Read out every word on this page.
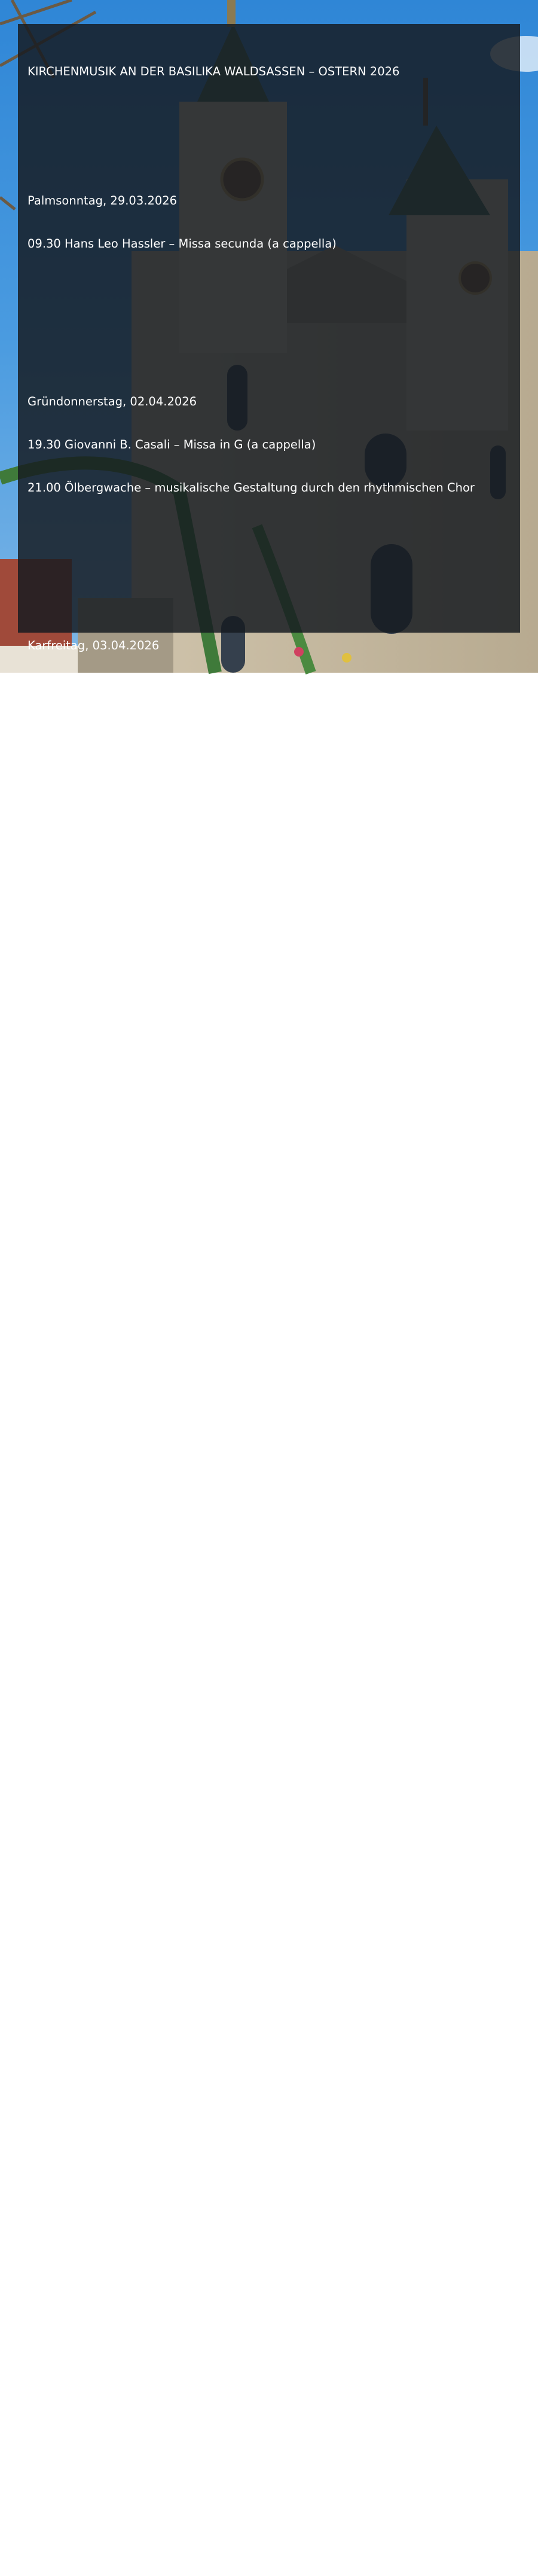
KIRCHENMUSIK AN DER BASILIKA WALDSASSEN – OSTERN 2026

Palmsonntag, 29.03.2026

09.30 Hans Leo Hassler – Missa secunda (a cappella)

Gründonnerstag, 02.04.2026

19.30 Giovanni B. Casali – Missa in G (a cappella)

21.00 Ölbergwache – musikalische Gestaltung durch den rhythmischen Chor

Karfreitag, 03.04.2026

15.00 Liturgiegesänge

20.00 Grabmusik

Osternacht, 04.04.2026

21.00 Christopher Tambling – Messe in G (Chor, Orgel, Bläser)

Ostersonntag, 05.04.2026

09.30 W. A. Mozart – Trinitatismesse KV 167 (Chor, Orchester, Orgel)

17.00 Ostervesper

Ostermontag, 06.04.2026

09.30 Charles Gounod – Messe breve in C (Chor, Orgel)

Weißer Sonntag, 12.04.2026

09.30 Gemeindegesang

15.00 Konzert – Kammerchor Frauenkirche Dresden

3. Sonntag der Osterzeit, 19.04.2026

09.30 Anton Bruckner – Windhaagermesse

4. Sonntag der Osterzeit, 26.04.2026

09.30 J. G. Rheinberger – Messe in A

5. Sonntag der Osterzeit, 03.05.2026

09.30 W. A. Mozart – Orgelsolomesse KV 259

Ausführende:

Solisten, Chor & Orchester der Basilika Waldsassen

Peter Kosmus (Orgel)

KMD Andreas Sagstetter (Leitung)
